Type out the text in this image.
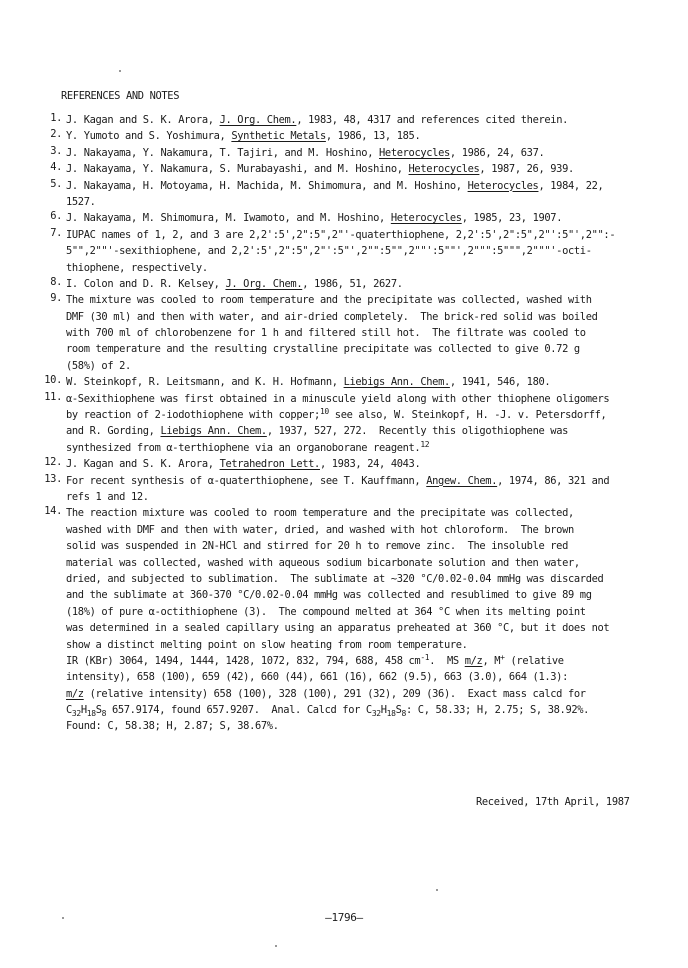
REFERENCES AND NOTES
1. J. Kagan and S. K. Arora, J. Org. Chem., 1983, 48, 4317 and references cited therein.
2. Y. Yumoto and S. Yoshimura, Synthetic Metals, 1986, 13, 185.
3. J. Nakayama, Y. Nakamura, T. Tajiri, and M. Hoshino, Heterocycles, 1986, 24, 637.
4. J. Nakayama, Y. Nakamura, S. Murabayashi, and M. Hoshino, Heterocycles, 1987, 26, 939.
5. J. Nakayama, H. Motoyama, H. Machida, M. Shimomura, and M. Hoshino, Heterocycles, 1984, 22,
1527.
6. J. Nakayama, M. Shimomura, M. Iwamoto, and M. Hoshino, Heterocycles, 1985, 23, 1907.
7. IUPAC names of 1, 2, and 3 are 2,2':5',2":5",2"'-quaterthiophene, 2,2':5',2":5",2"':5"',2"":-
5"",2""'-sexithiophene, and 2,2':5',2":5",2"':5"',2"":5"",2""':5""',2""":5""",2"""'-octi-
thiophene, respectively.
8. I. Colon and D. R. Kelsey, J. Org. Chem., 1986, 51, 2627.
9. The mixture was cooled to room temperature and the precipitate was collected, washed with
DMF (30 ml) and then with water, and air-dried completely.  The brick-red solid was boiled
with 700 ml of chlorobenzene for 1 h and filtered still hot.  The filtrate was cooled to
room temperature and the resulting crystalline precipitate was collected to give 0.72 g
(58%) of 2.
10. W. Steinkopf, R. Leitsmann, and K. H. Hofmann, Liebigs Ann. Chem., 1941, 546, 180.
11. α-Sexithiophene was first obtained in a minuscule yield along with other thiophene oligomers
by reaction of 2-iodothiophene with copper;$^{10}$ see also, W. Steinkopf, H. -J. v. Petersdorff,
and R. Gording, Liebigs Ann. Chem., 1937, 527, 272.  Recently this oligothiophene was
synthesized from α-terthiophene via an organoborane reagent.$^{12}$
12. J. Kagan and S. K. Arora, Tetrahedron Lett., 1983, 24, 4043.
13. For recent synthesis of α-quaterthiophene, see T. Kauffmann, Angew. Chem., 1974, 86, 321 and
refs 1 and 12.
14. The reaction mixture was cooled to room temperature and the precipitate was collected,
washed with DMF and then with water, dried, and washed with hot chloroform.  The brown
solid was suspended in 2N-HCl and stirred for 20 h to remove zinc.  The insoluble red
material was collected, washed with aqueous sodium bicarbonate solution and then water,
dried, and subjected to sublimation.  The sublimate at ~320 °C/0.02-0.04 mmHg was discarded
and the sublimate at 360-370 °C/0.02-0.04 mmHg was collected and resublimed to give 89 mg
(18%) of pure α-octithiophene (3).  The compound melted at 364 °C when its melting point
was determined in a sealed capillary using an apparatus preheated at 360 °C, but it does not
show a distinct melting point on slow heating from room temperature.
IR (KBr) 3064, 1494, 1444, 1428, 1072, 832, 794, 688, 458 $cm^{-1}$.  MS m/z, M+ (relative
intensity), 658 (100), 659 (42), 660 (44), 661 (16), 662 (9.5), 663 (3.0), 664 (1.3):
m/z (relative intensity) 658 (100), 328 (100), 291 (32), 209 (36).  Exact mass calcd for
$C_{32}H_{18}S_8$ 657.9174, found 657.9207.  Anal. Calcd for $C_{32}H_{18}S_8$: C, 58.33; H, 2.75; S, 38.92%.
Found: C, 58.38; H, 2.87; S, 38.67%.
Received, 17th April, 1987
—1796—
